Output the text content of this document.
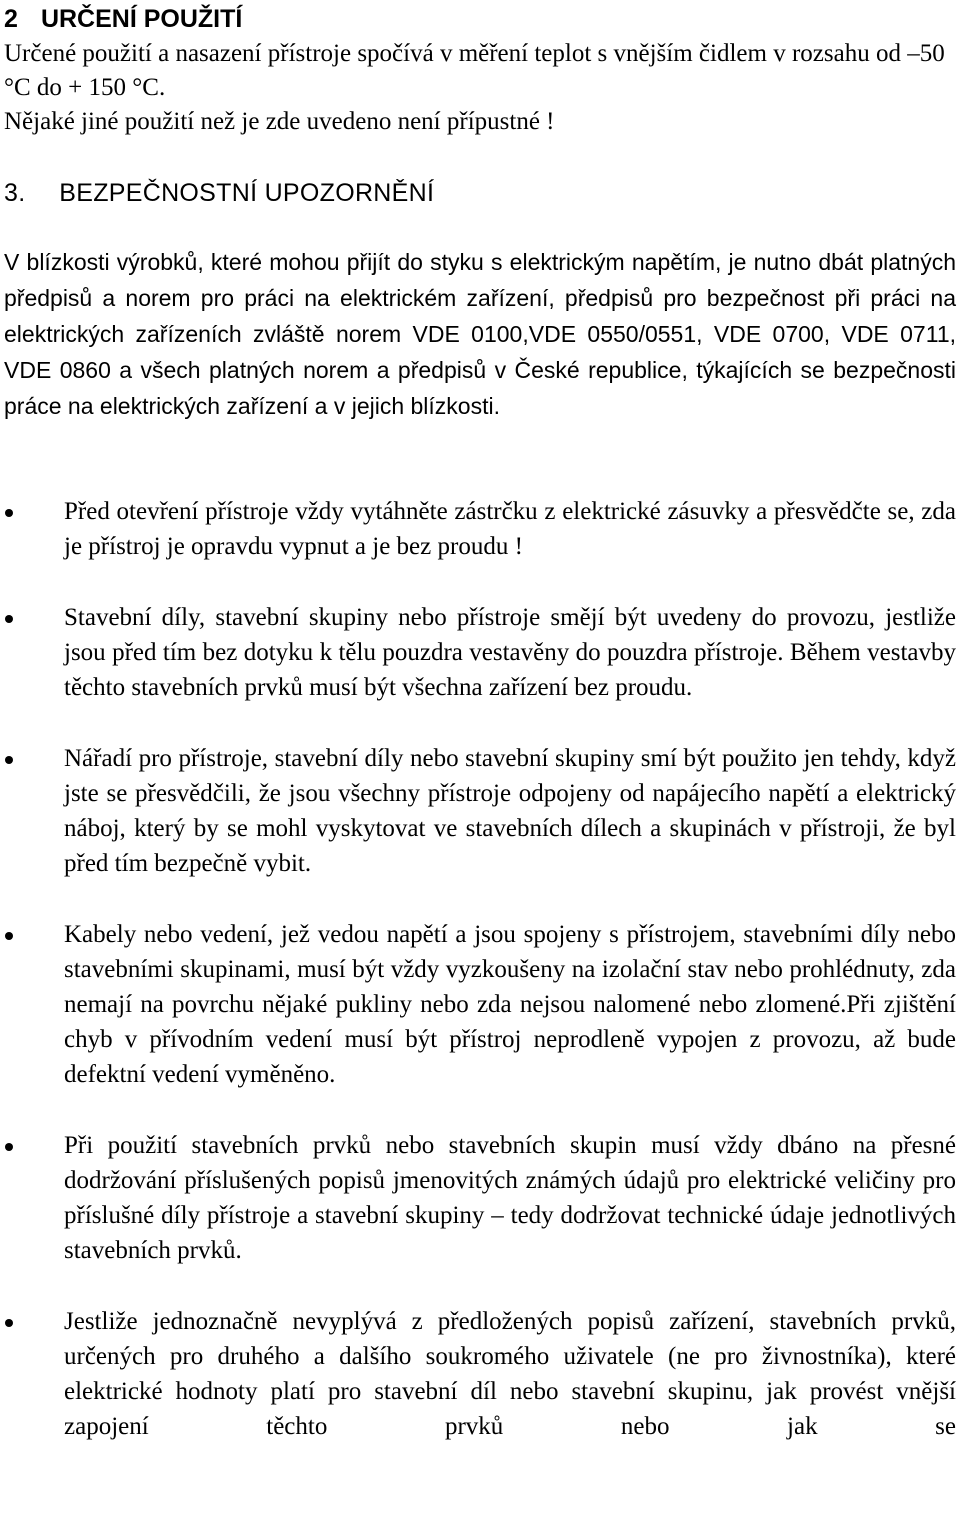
2 URČENÍ POUŽITÍ
Určené použití a nasazení přístroje spočívá v měření teplot s vnějším čidlem v rozsahu od –50 °C do + 150 °C.
Nějaké jiné použití než je zde uvedeno není přípustné !
3. BEZPEČNOSTNÍ UPOZORNĚNÍ
V blízkosti výrobků, které mohou přijít do styku s elektrickým napětím, je nutno dbát platných předpisů a norem pro práci na elektrickém zařízení, předpisů pro bezpečnost při práci na elektrických zařízeních zvláště norem VDE 0100,VDE 0550/0551, VDE 0700, VDE 0711, VDE 0860 a všech platných norem a předpisů v České republice, týkajících se bezpečnosti práce na elektrických zařízení a v jejich blízkosti.
Před otevření přístroje vždy vytáhněte zástrčku z elektrické zásuvky a přesvědčte se, zda je přístroj je opravdu vypnut a je bez proudu !
Stavební díly, stavební skupiny nebo přístroje smějí být uvedeny do provozu, jestliže jsou před tím bez dotyku k tělu pouzdra vestavěny do pouzdra přístroje. Během vestavby těchto stavebních prvků musí být všechna zařízení bez proudu.
Nářadí pro přístroje, stavební díly nebo stavební skupiny smí být použito jen tehdy, když jste se přesvědčili, že jsou všechny přístroje odpojeny od napájecího napětí a elektrický náboj, který by se mohl vyskytovat ve stavebních dílech a skupinách v přístroji, že byl před tím bezpečně vybit.
Kabely nebo vedení, jež vedou napětí a jsou spojeny s přístrojem, stavebními díly nebo stavebními skupinami, musí být vždy vyzkoušeny na izolační stav nebo prohlédnuty, zda nemají na povrchu nějaké pukliny nebo zda nejsou nalomené nebo zlomené.Při zjištění chyb v přívodním vedení musí být přístroj neprodleně vypojen z provozu, až bude defektní vedení vyměněno.
Při použití stavebních prvků nebo stavebních skupin musí vždy dbáno na přesné dodržování příslušených popisů jmenovitých známých údajů pro elektrické veličiny pro příslušné díly přístroje a stavební skupiny – tedy dodržovat technické údaje jednotlivých stavebních prvků.
Jestliže jednoznačně nevyplývá z předložených popisů zařízení, stavebních prvků, určených pro druhého a dalšího soukromého uživatele (ne pro živnostníka), které elektrické hodnoty platí pro stavební díl nebo stavební skupinu, jak provést vnější zapojení těchto prvků nebo jak se
